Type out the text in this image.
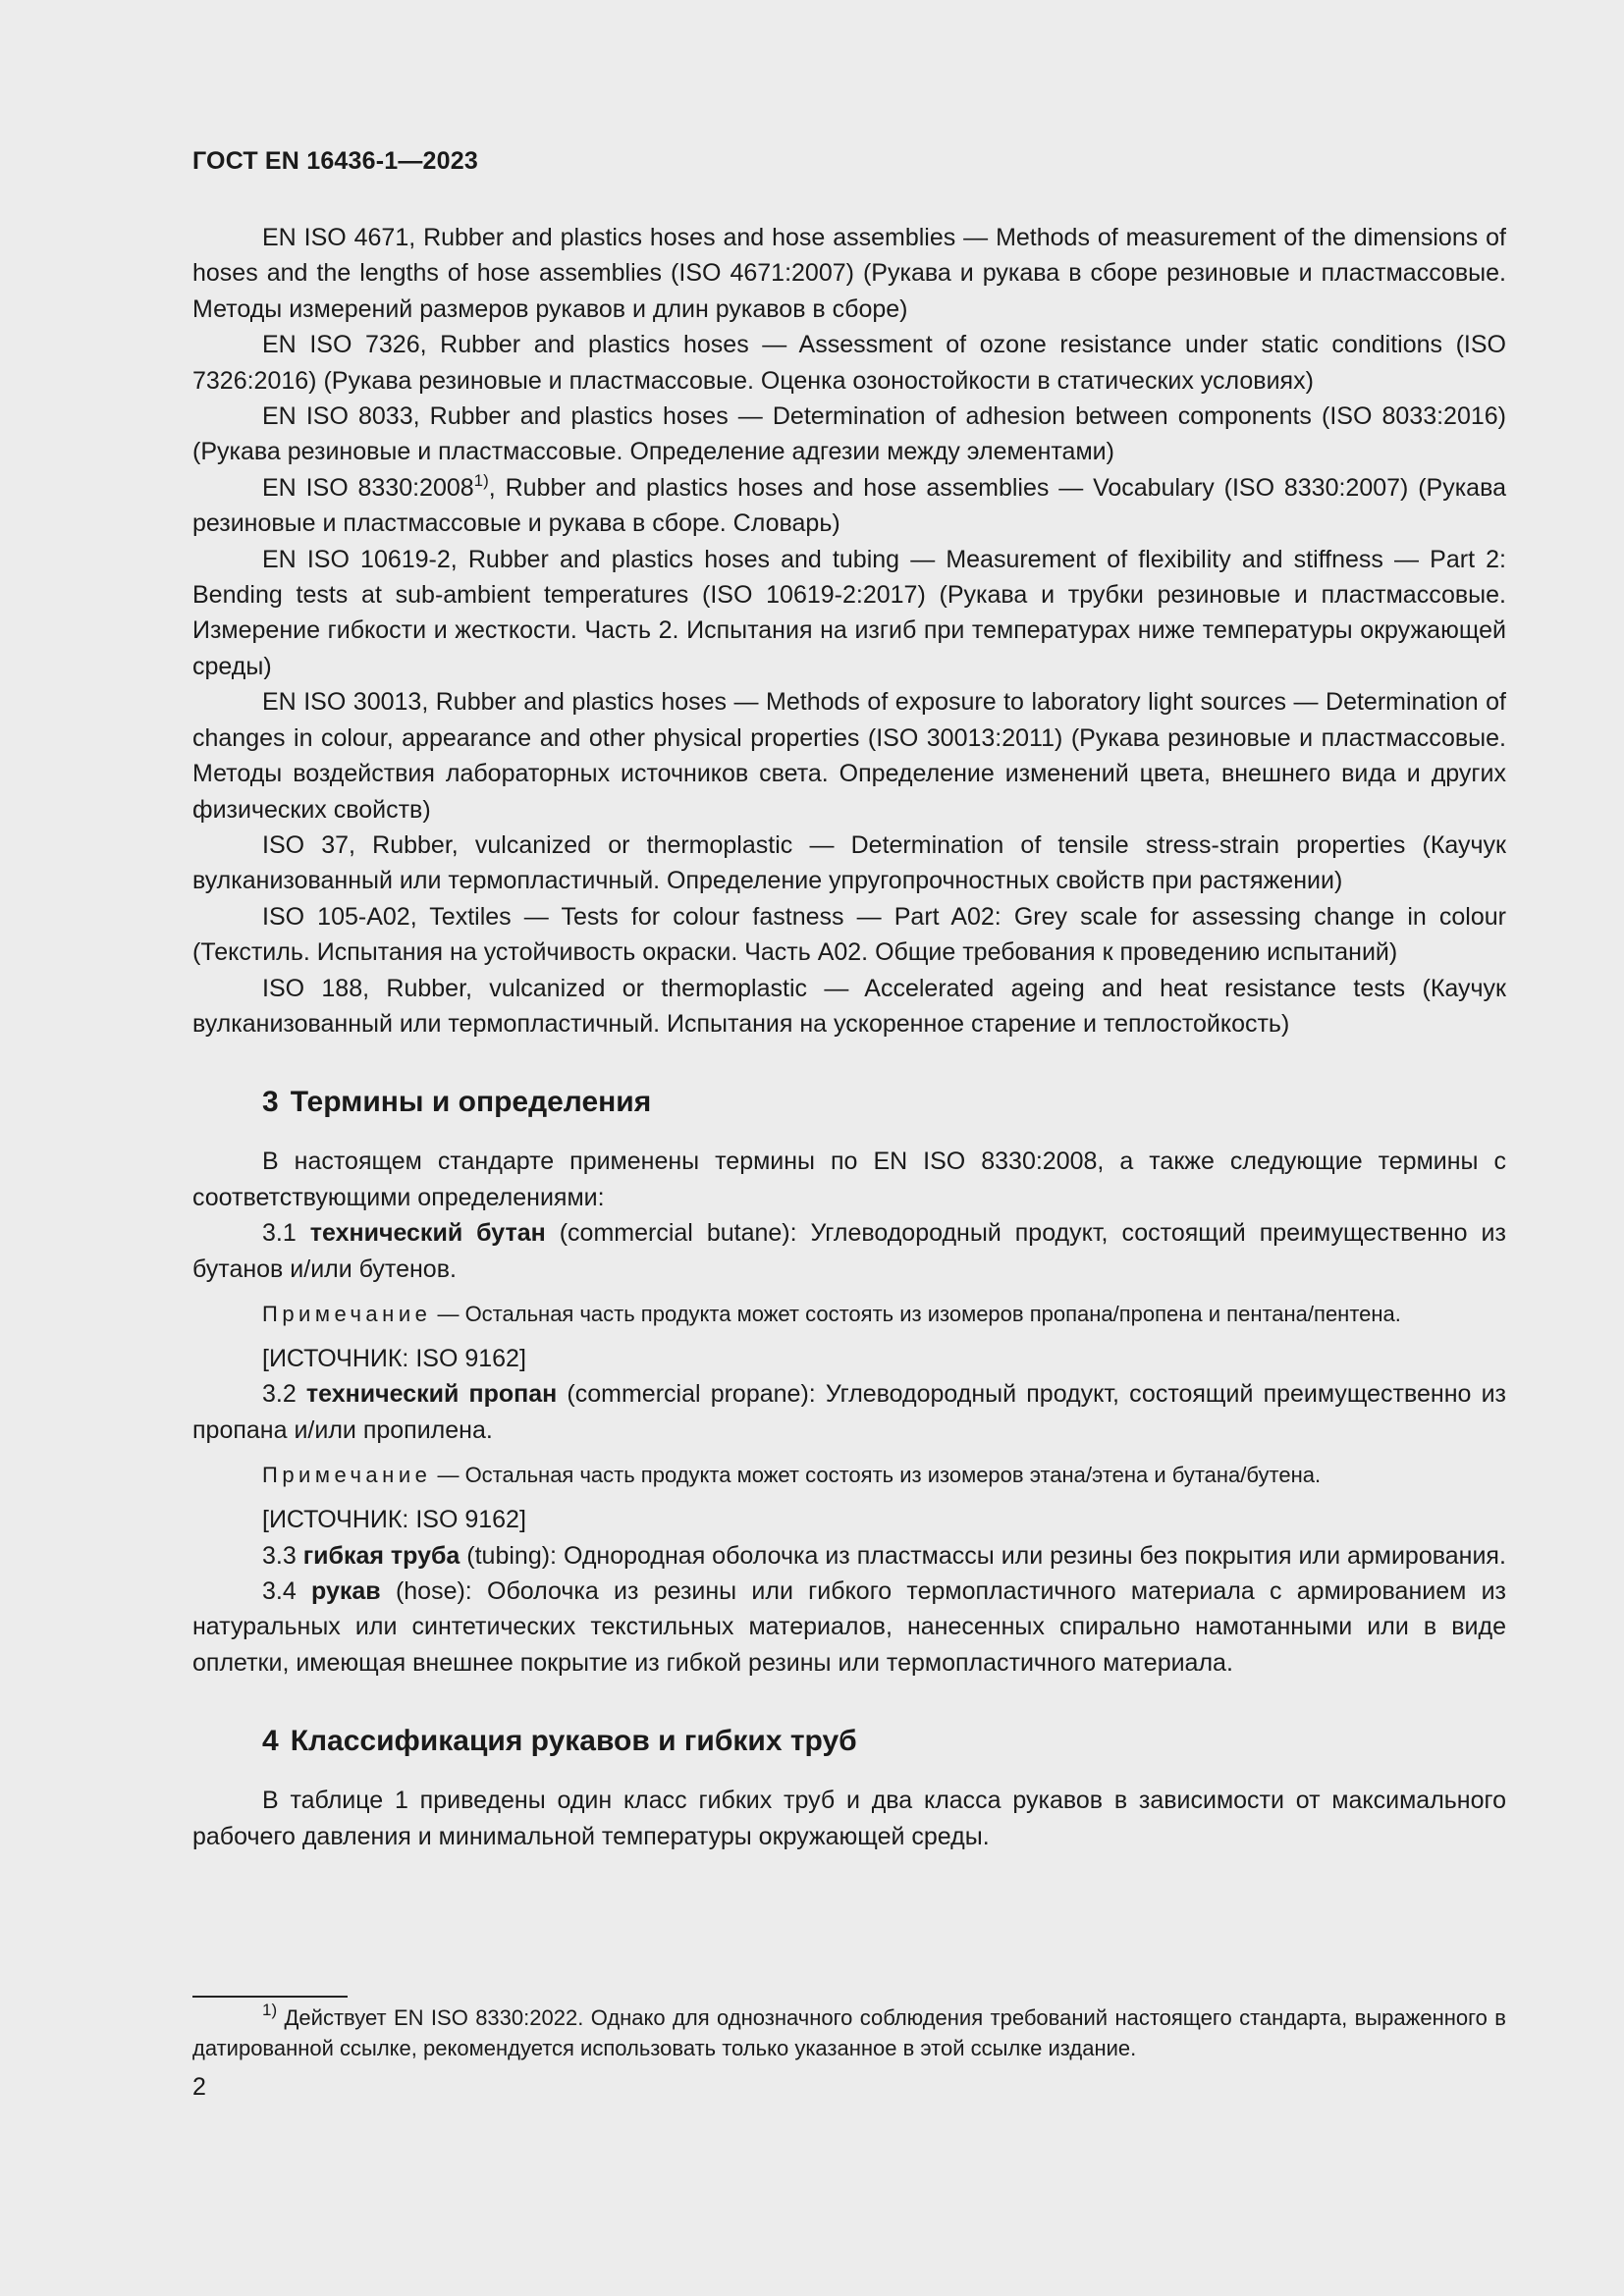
ГОСТ EN 16436-1—2023

EN ISO 4671, Rubber and plastics hoses and hose assemblies — Methods of measurement of the dimensions of hoses and the lengths of hose assemblies (ISO 4671:2007) (Рукава и рукава в сборе резиновые и пластмассовые. Методы измерений размеров рукавов и длин рукавов в сборе)

EN ISO 7326, Rubber and plastics hoses — Assessment of ozone resistance under static conditions (ISO 7326:2016) (Рукава резиновые и пластмассовые. Оценка озоностойкости в статических условиях)

EN ISO 8033, Rubber and plastics hoses — Determination of adhesion between components (ISO 8033:2016) (Рукава резиновые и пластмассовые. Определение адгезии между элементами)

EN ISO 8330:2008$^{1)}$, Rubber and plastics hoses and hose assemblies — Vocabulary (ISO 8330:2007) (Рукава резиновые и пластмассовые и рукава в сборе. Словарь)

EN ISO 10619-2, Rubber and plastics hoses and tubing — Measurement of flexibility and stiffness — Part 2: Bending tests at sub-ambient temperatures (ISO 10619-2:2017) (Рукава и трубки резиновые и пластмассовые. Измерение гибкости и жесткости. Часть 2. Испытания на изгиб при температурах ниже температуры окружающей среды)

EN ISO 30013, Rubber and plastics hoses — Methods of exposure to laboratory light sources — Determination of changes in colour, appearance and other physical properties (ISO 30013:2011) (Рукава резиновые и пластмассовые. Методы воздействия лабораторных источников света. Определение изменений цвета, внешнего вида и других физических свойств)

ISO 37, Rubber, vulcanized or thermoplastic — Determination of tensile stress-strain properties (Каучук вулканизованный или термопластичный. Определение упругопрочностных свойств при растяжении)

ISO 105-A02, Textiles — Tests for colour fastness — Part A02: Grey scale for assessing change in colour (Текстиль. Испытания на устойчивость окраски. Часть A02. Общие требования к проведению испытаний)

ISO 188, Rubber, vulcanized or thermoplastic — Accelerated ageing and heat resistance tests (Каучук вулканизованный или термопластичный. Испытания на ускоренное старение и теплостойкость)

3 Термины и определения

В настоящем стандарте применены термины по EN ISO 8330:2008, а также следующие термины с соответствующими определениями:

3.1 технический бутан (commercial butane): Углеводородный продукт, состоящий преимущественно из бутанов и/или бутенов.

Примечание — Остальная часть продукта может состоять из изомеров пропана/пропена и пентана/пентена.

[ИСТОЧНИК: ISO 9162]

3.2 технический пропан (commercial propane): Углеводородный продукт, состоящий преимущественно из пропана и/или пропилена.

Примечание — Остальная часть продукта может состоять из изомеров этана/этена и бутана/бутена.

[ИСТОЧНИК: ISO 9162]

3.3 гибкая труба (tubing): Однородная оболочка из пластмассы или резины без покрытия или армирования.

3.4 рукав (hose): Оболочка из резины или гибкого термопластичного материала с армированием из натуральных или синтетических текстильных материалов, нанесенных спирально намотанными или в виде оплетки, имеющая внешнее покрытие из гибкой резины или термопластичного материала.

4 Классификация рукавов и гибких труб

В таблице 1 приведены один класс гибких труб и два класса рукавов в зависимости от максимального рабочего давления и минимальной температуры окружающей среды.

$^{1)}$ Действует EN ISO 8330:2022. Однако для однозначного соблюдения требований настоящего стандарта, выраженного в датированной ссылке, рекомендуется использовать только указанное в этой ссылке издание.
2
